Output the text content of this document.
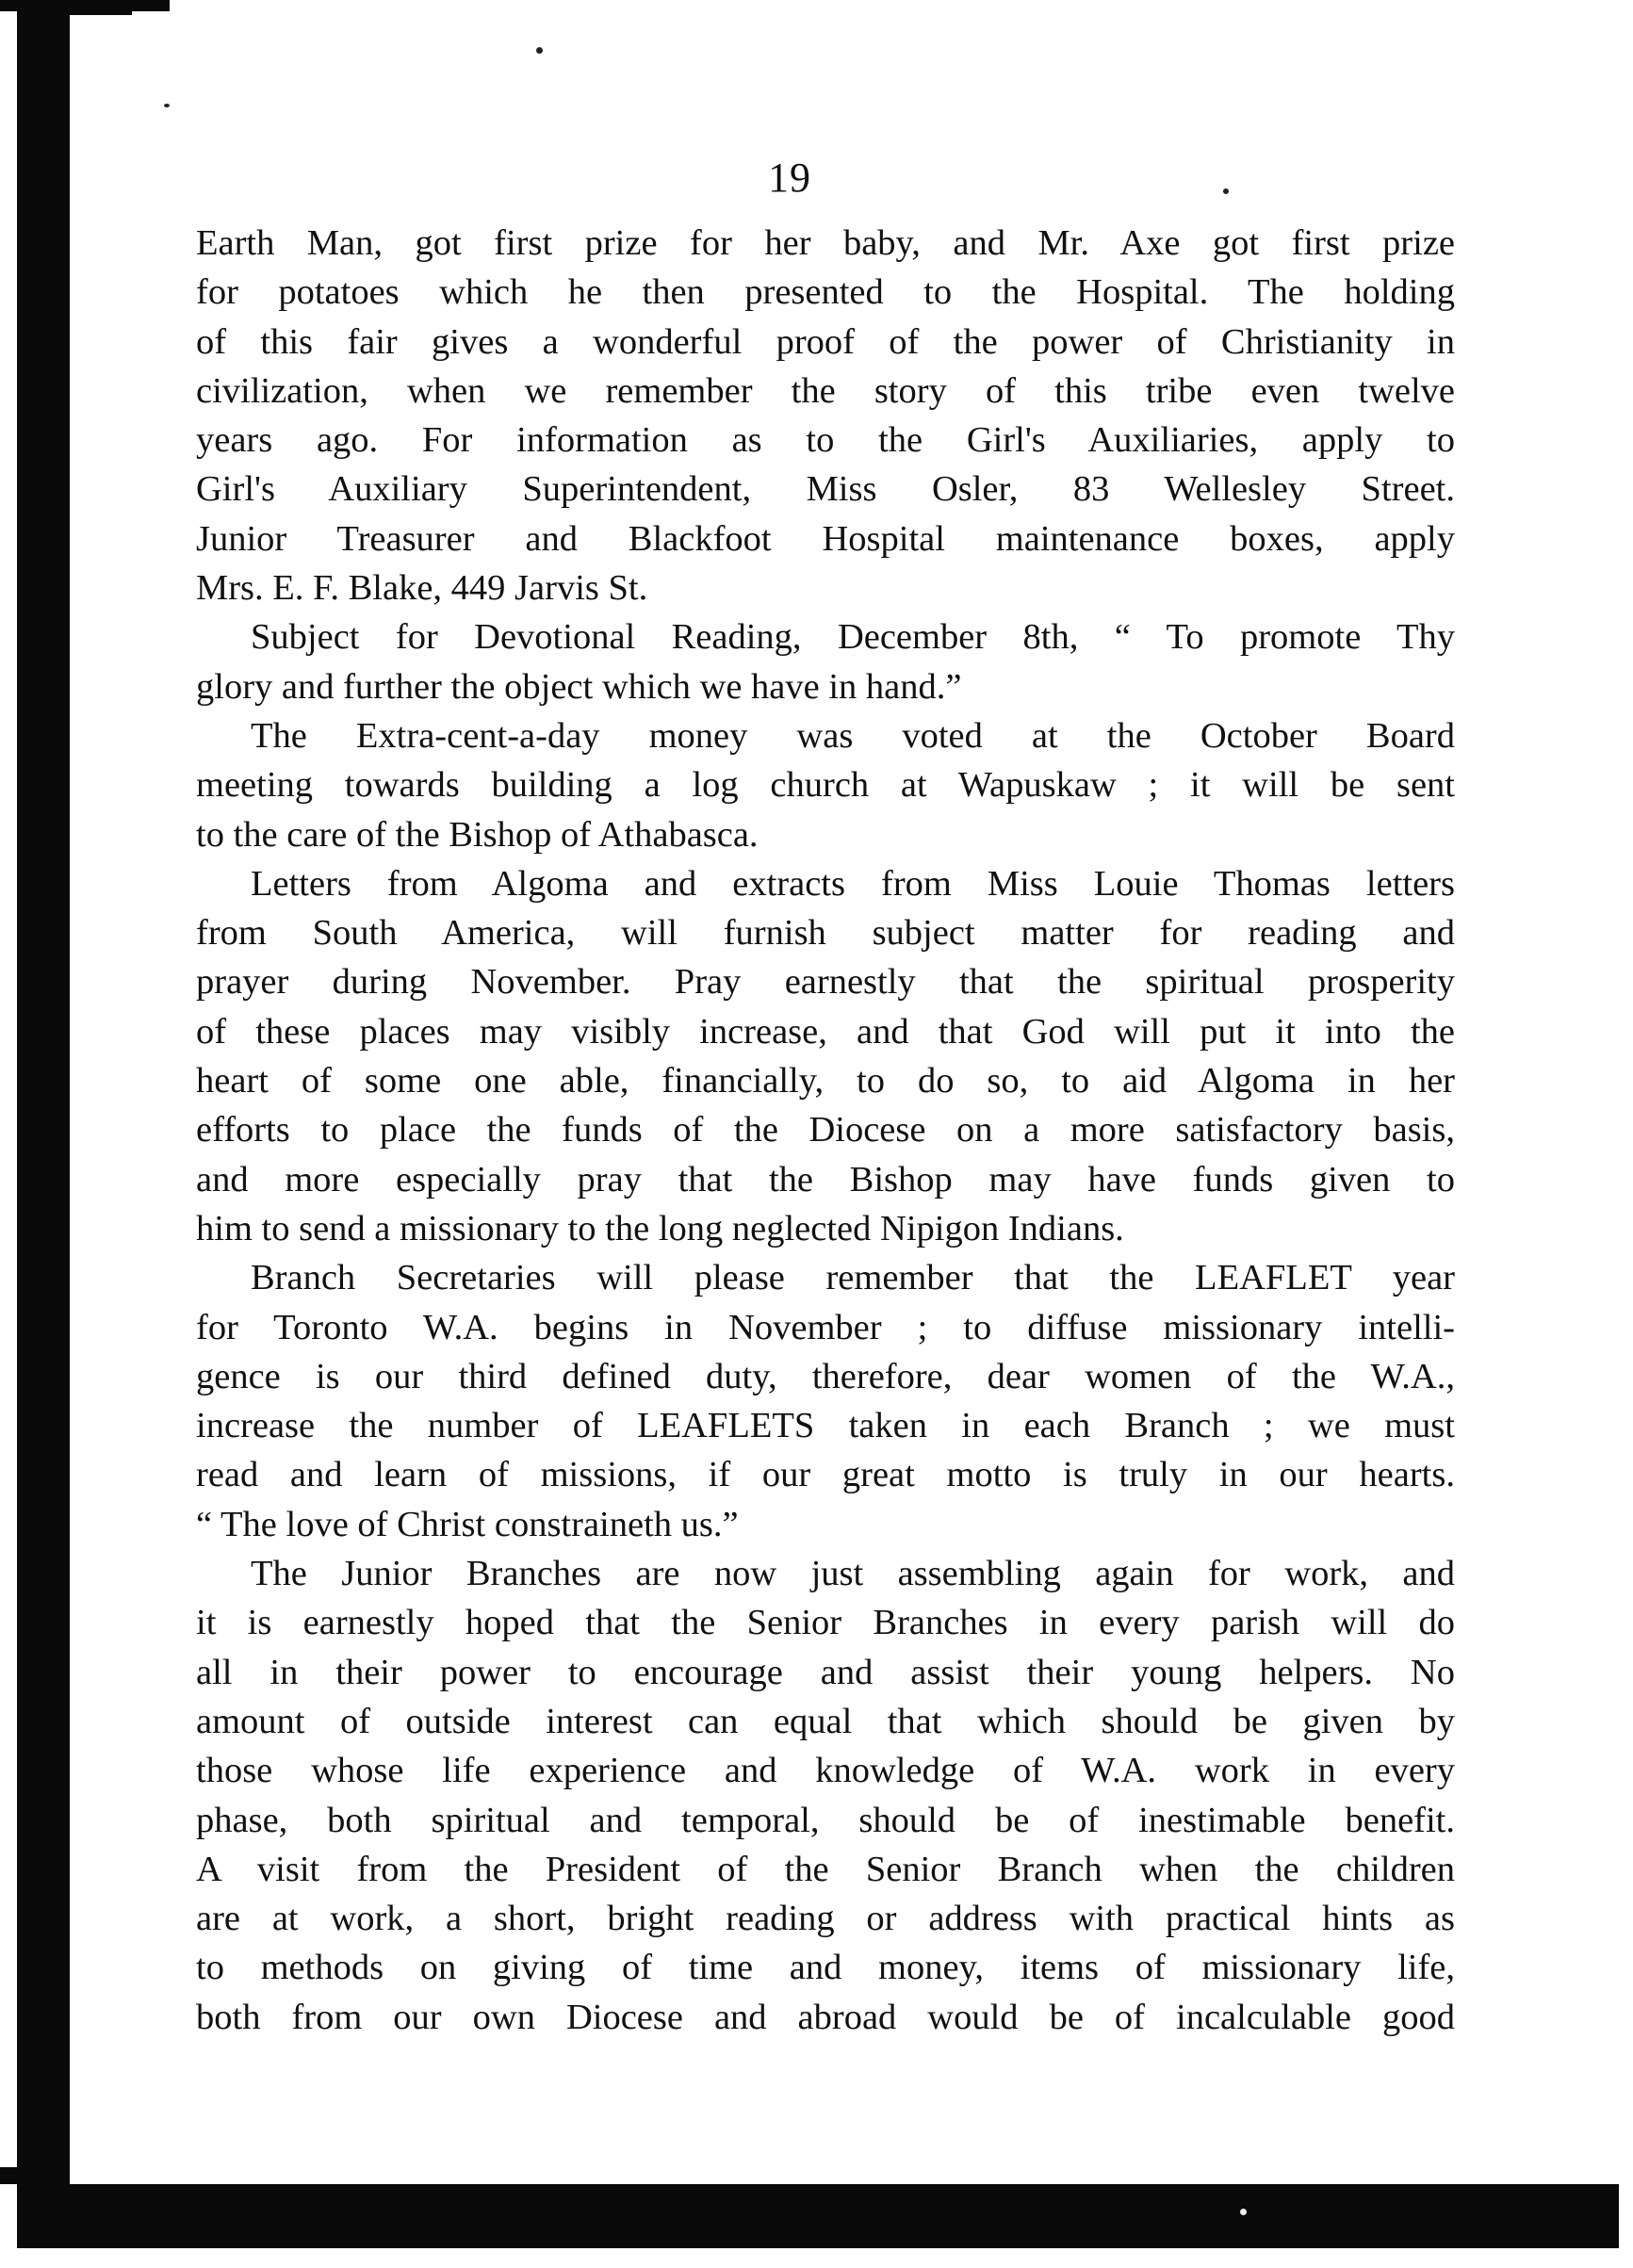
19

Earth Man, got first prize for her baby, and Mr. Axe got first prize
for potatoes which he then presented to the Hospital. The holding
of this fair gives a wonderful proof of the power of Christianity in
civilization, when we remember the story of this tribe even twelve
years ago. For information as to the Girl's Auxiliaries, apply to
Girl's Auxiliary Superintendent, Miss Osler, 83 Wellesley Street.
Junior Treasurer and Blackfoot Hospital maintenance boxes, apply
Mrs. E. F. Blake, 449 Jarvis St.

Subject for Devotional Reading, December 8th, “ To promote Thy
glory and further the object which we have in hand.”

The Extra-cent-a-day money was voted at the October Board
meeting towards building a log church at Wapuskaw ; it will be sent
to the care of the Bishop of Athabasca.

Letters from Algoma and extracts from Miss Louie Thomas letters
from South America, will furnish subject matter for reading and
prayer during November. Pray earnestly that the spiritual prosperity
of these places may visibly increase, and that God will put it into the
heart of some one able, financially, to do so, to aid Algoma in her
efforts to place the funds of the Diocese on a more satisfactory basis,
and more especially pray that the Bishop may have funds given to
him to send a missionary to the long neglected Nipigon Indians.

Branch Secretaries will please remember that the LEAFLET year
for Toronto W.A. begins in November ; to diffuse missionary intelli-
gence is our third defined duty, therefore, dear women of the W.A.,
increase the number of LEAFLETS taken in each Branch ; we must
read and learn of missions, if our great motto is truly in our hearts.
“ The love of Christ constraineth us.”

The Junior Branches are now just assembling again for work, and
it is earnestly hoped that the Senior Branches in every parish will do
all in their power to encourage and assist their young helpers. No
amount of outside interest can equal that which should be given by
those whose life experience and knowledge of W.A. work in every
phase, both spiritual and temporal, should be of inestimable benefit.
A visit from the President of the Senior Branch when the children
are at work, a short, bright reading or address with practical hints as
to methods on giving of time and money, items of missionary life,
both from our own Diocese and abroad would be of incalculable good
